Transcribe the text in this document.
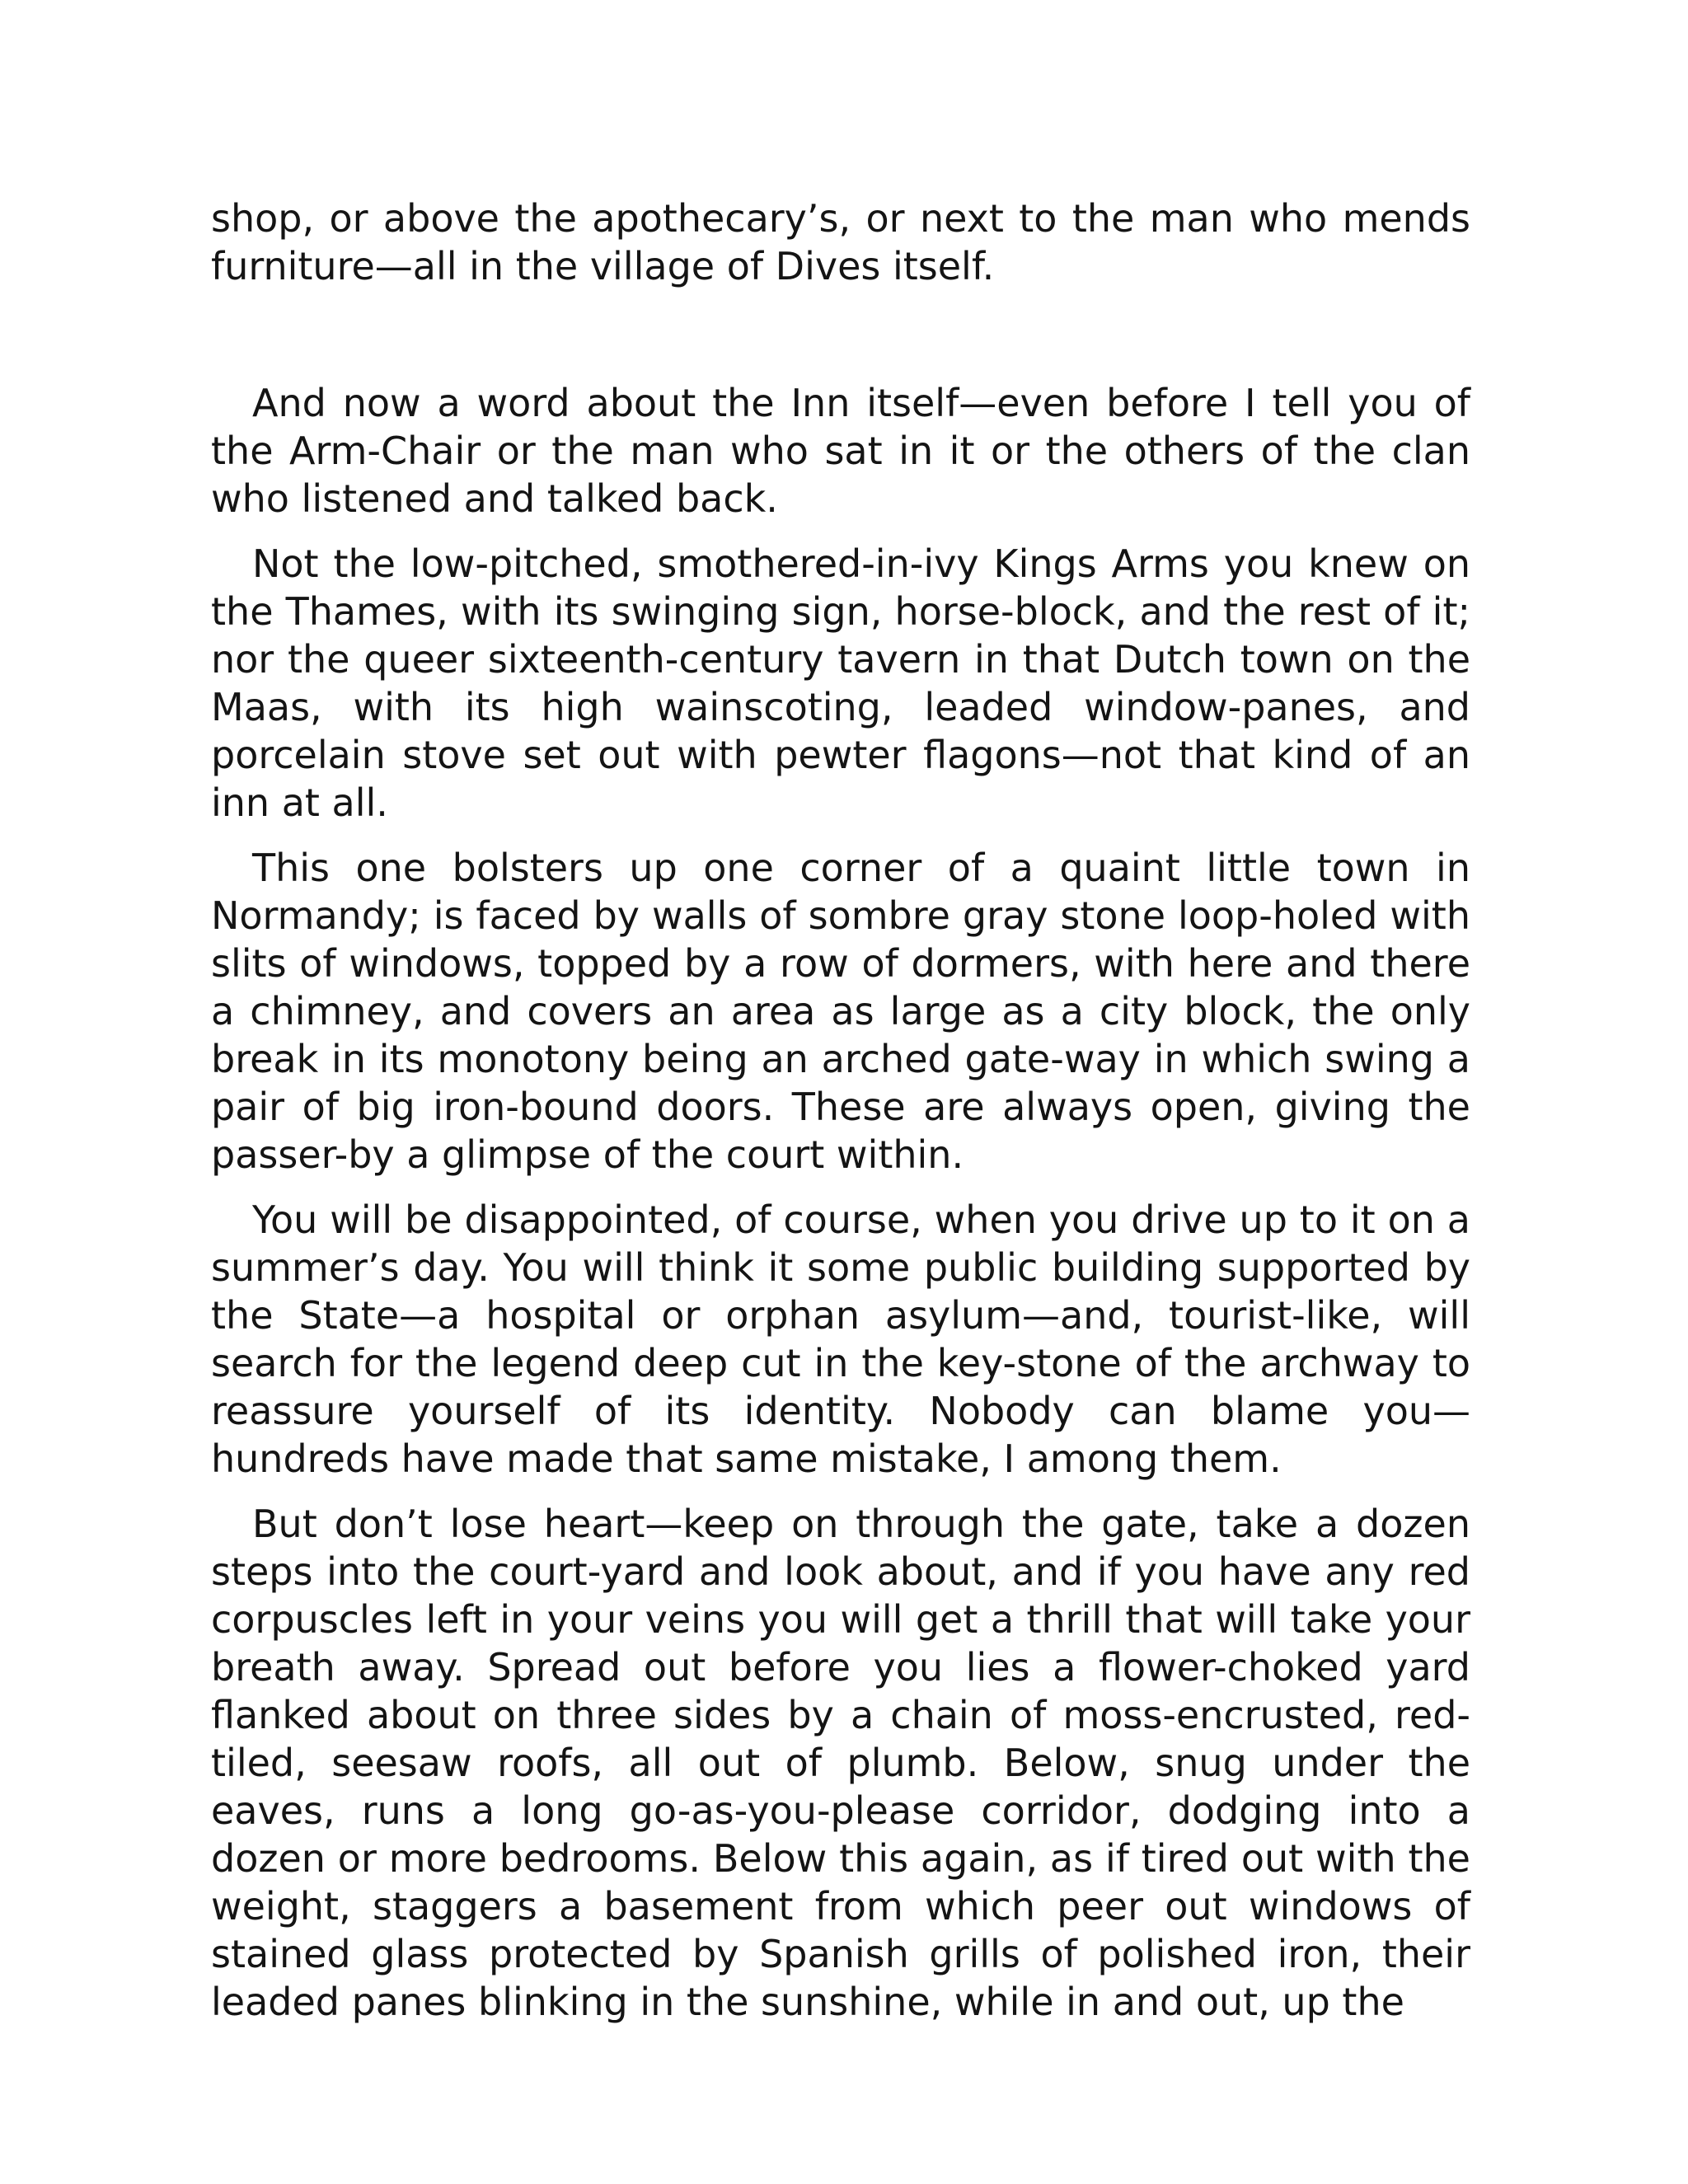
shop, or above the apothecary’s, or next to the man who mends furniture—all in the village of Dives itself.

And now a word about the Inn itself—even before I tell you of the Arm-Chair or the man who sat in it or the others of the clan who listened and talked back.

Not the low-pitched, smothered-in-ivy Kings Arms you knew on the Thames, with its swinging sign, horse-block, and the rest of it; nor the queer sixteenth-century tavern in that Dutch town on the Maas, with its high wainscoting, leaded window-panes, and porcelain stove set out with pewter flagons—not that kind of an inn at all.

This one bolsters up one corner of a quaint little town in Normandy; is faced by walls of sombre gray stone loop-holed with slits of windows, topped by a row of dormers, with here and there a chimney, and covers an area as large as a city block, the only break in its monotony being an arched gate-way in which swing a pair of big iron-bound doors. These are always open, giving the passer-by a glimpse of the court within.

You will be disappointed, of course, when you drive up to it on a summer’s day. You will think it some public building supported by the State—a hospital or orphan asylum—and, tourist-like, will search for the legend deep cut in the key-stone of the archway to reassure yourself of its identity. Nobody can blame you—hundreds have made that same mistake, I among them.

But don’t lose heart—keep on through the gate, take a dozen steps into the court-yard and look about, and if you have any red corpuscles left in your veins you will get a thrill that will take your breath away. Spread out before you lies a flower-choked yard flanked about on three sides by a chain of moss-encrusted, red-tiled, seesaw roofs, all out of plumb. Below, snug under the eaves, runs a long go-as-you-please corridor, dodging into a dozen or more bedrooms. Below this again, as if tired out with the weight, staggers a basement from which peer out windows of stained glass protected by Spanish grills of polished iron, their leaded panes blinking in the sunshine, while in and out, up the
